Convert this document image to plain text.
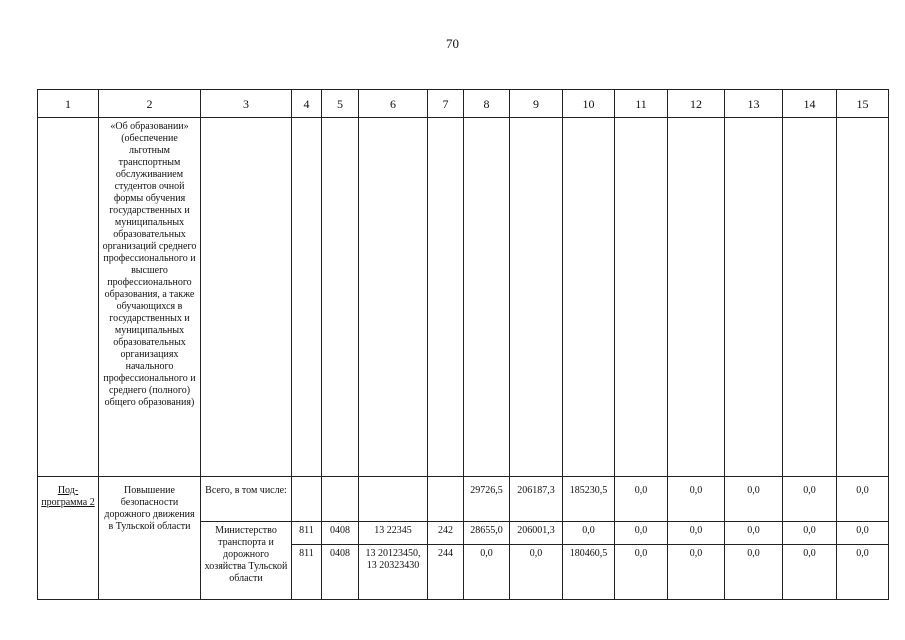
70
1	2	3	4	5	6	7	8	9	10	11	12	13	14	15
	«Об образовании» (обеспечение льготным транспортным обслуживанием студентов очной формы обучения государственных и муниципальных образовательных организаций среднего профессионального и высшего профессионального образования, а также обучающихся в государственных и муниципальных образовательных организациях начального профессионального и среднего (полного) общего образования)													
Под-программа 2	Повышение безопасности дорожного движения в Тульской области	Всего, в том числе:					29726,5	206187,3	185230,5	0,0	0,0	0,0	0,0	0,0
		Министерство транспорта и дорожного хозяйства Тульской области	811	0408	13 22345	242	28655,0	206001,3	0,0	0,0	0,0	0,0	0,0	0,0
			811	0408	13 20123450, 13 20323430	244	0,0	0,0	180460,5	0,0	0,0	0,0	0,0	0,0
